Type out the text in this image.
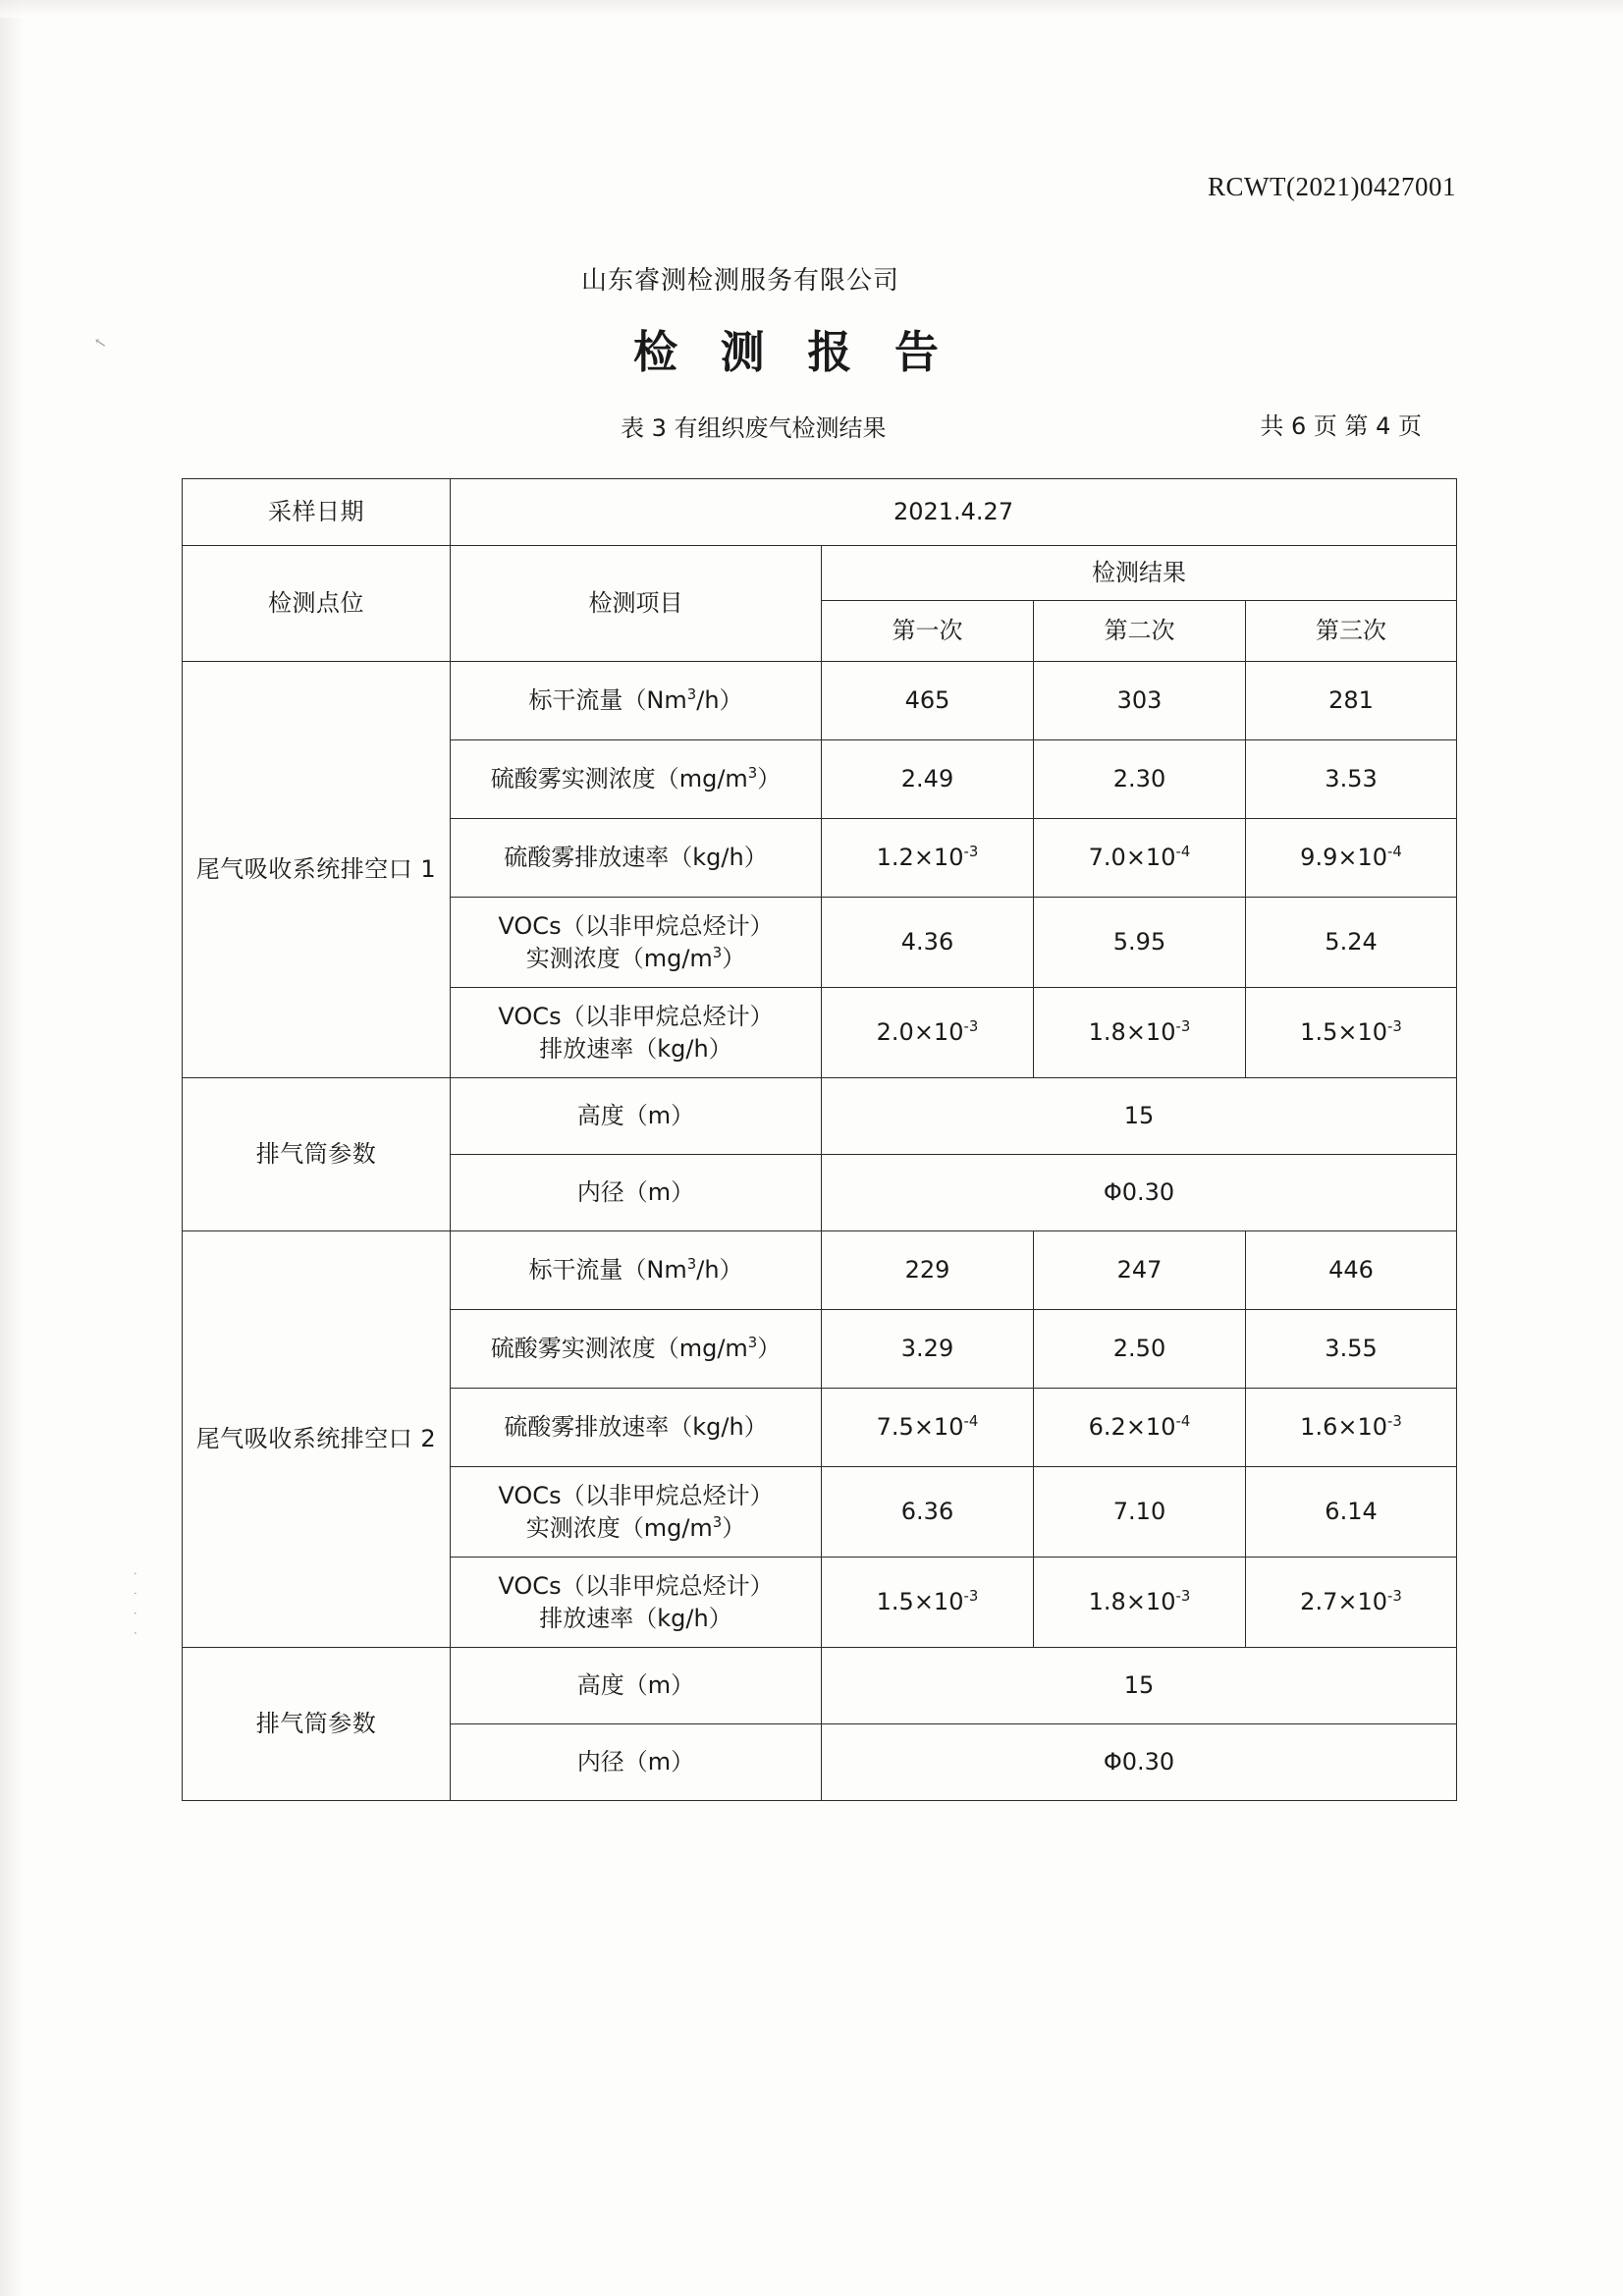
RCWT(2021)0427001
山东睿测检测服务有限公司
检 测 报 告
表 3 有组织废气检测结果	共 6 页 第 4 页
↖
· · · ·
采样日期	2021.4.27			
检测点位	检测项目	检测结果		
		第一次	第二次	第三次
尾气吸收系统排空口 1	标干流量（Nm$^3$/h）	465	303	281
	硫酸雾实测浓度$(mg/m^3)$	2.49	2.30	3.53
	硫酸雾排放速率（kg/h）	$1.2\times 10^{-3}$	$7.0\times 10^{-4}$	$9.9\times 10^{-4}$
	VOCs（以非甲烷总烃计）
实测浓度$(mg/m^3)$	4.36	5.95	5.24
	VOCs（以非甲烷总烃计）
排放速率（kg/h）	$2.0\times 10^{-3}$	$1.8\times 10^{-3}$	$1.5\times 10^{-3}$
排气筒参数	高度（m）	15		
	内径（m）	Φ0.30		
尾气吸收系统排空口 2	标干流量（Nm$^3$/h）	229	247	446
	硫酸雾实测浓度$(mg/m^3)$	3.29	2.50	3.55
	硫酸雾排放速率（kg/h）	$7.5\times 10^{-4}$	$6.2\times 10^{-4}$	$1.6\times 10^{-3}$
	VOCs（以非甲烷总烃计）
实测浓度$(mg/m^3)$	6.36	7.10	6.14
	VOCs（以非甲烷总烃计）
排放速率（kg/h）	$1.5\times 10^{-3}$	$1.8\times 10^{-3}$	$2.7\times 10^{-3}$
排气筒参数	高度（m）	15		
	内径（m）	Φ0.30		
